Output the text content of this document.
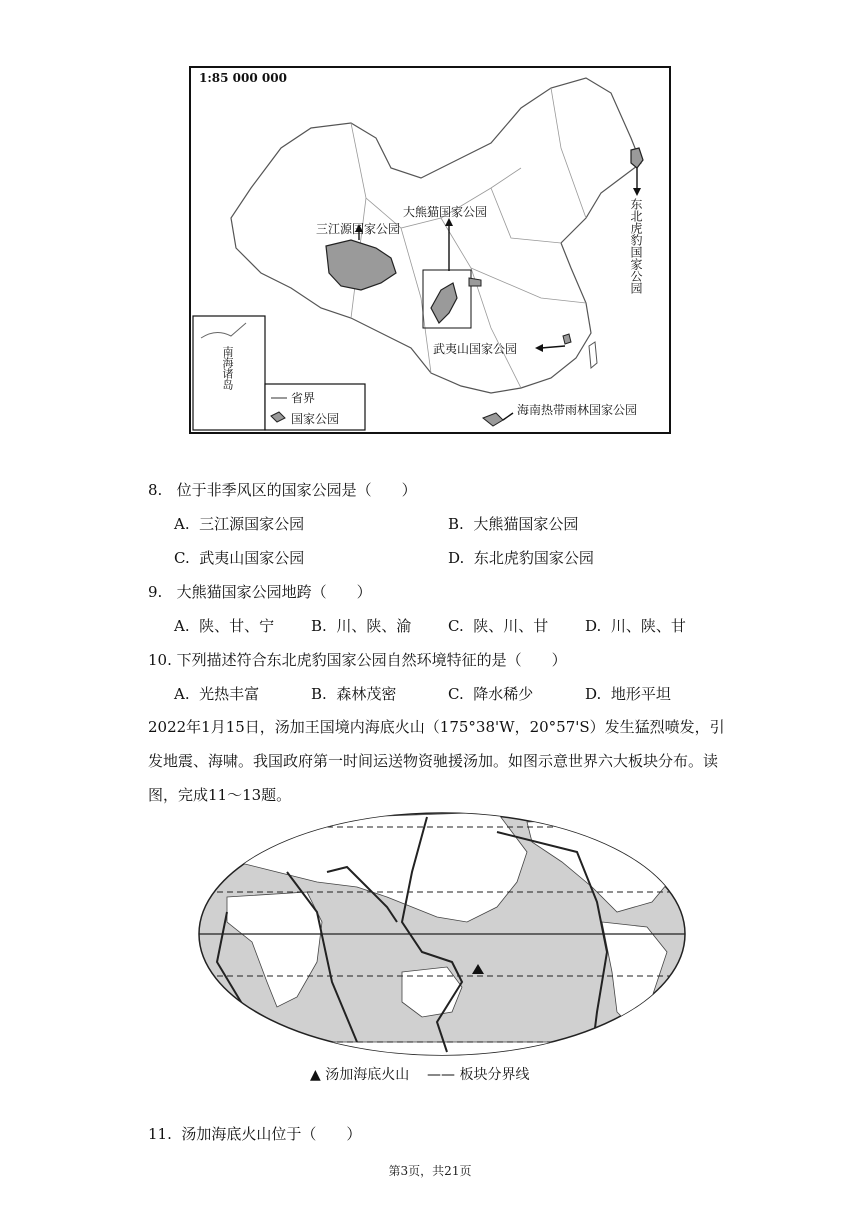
1:85 000 000
三江源国家公园
大熊猫国家公园
武夷山国家公园
海南热带雨林国家公园
省界
国家公园
东北虎豹国家公园
南海诸岛
8. 位于非季风区的国家公园是（　　）
A. 三江源国家公园	B. 大熊猫国家公园
C. 武夷山国家公园	D. 东北虎豹国家公园
9. 大熊猫国家公园地跨（　　）
A. 陕、甘、宁 B. 川、陕、渝 C. 陕、川、甘 D. 川、陕、甘
10. 下列描述符合东北虎豹国家公园自然环境特征的是（　　）
A. 光热丰富	B. 森林茂密	C. 降水稀少	D. 地形平坦
2022年1月15日，汤加王国境内海底火山（175°38'W，20°57'S）发生猛烈喷发，引发地震、海啸。我国政府第一时间运送物资驰援汤加。如图示意世界六大板块分布。读图，完成11～13题。
▲ 汤加海底火山 —— 板块分界线
11. 汤加海底火山位于（　　）
第3页，共21页
